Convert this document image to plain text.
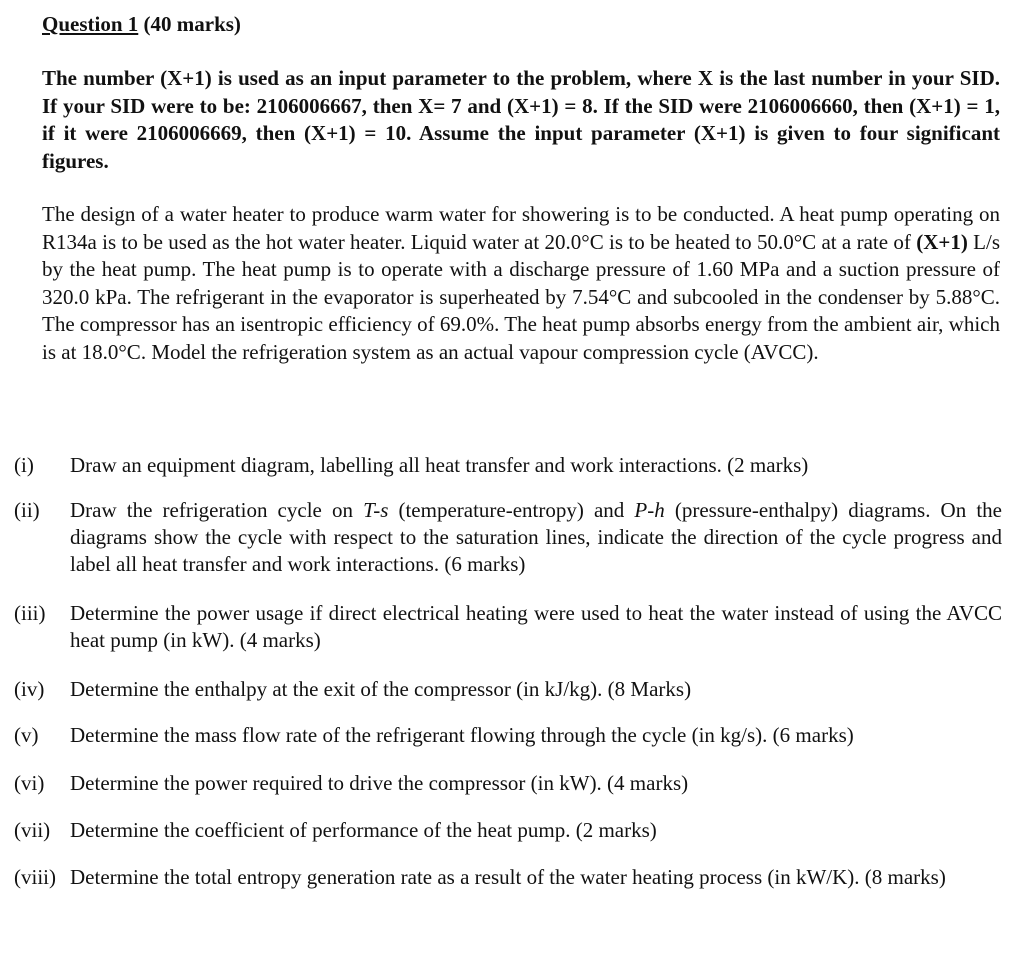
Question 1 (40 marks)
The number (X+1) is used as an input parameter to the problem, where X is the last number in your SID. If your SID were to be: 2106006667, then X= 7 and (X+1) = 8. If the SID were 2106006660, then (X+1) = 1, if it were 2106006669, then (X+1) = 10. Assume the input parameter (X+1) is given to four significant figures.
The design of a water heater to produce warm water for showering is to be conducted. A heat pump operating on R134a is to be used as the hot water heater. Liquid water at 20.0°C is to be heated to 50.0°C at a rate of (X+1) L/s by the heat pump. The heat pump is to operate with a discharge pressure of 1.60 MPa and a suction pressure of 320.0 kPa. The refrigerant in the evaporator is superheated by 7.54°C and subcooled in the condenser by 5.88°C. The compressor has an isentropic efficiency of 69.0%. The heat pump absorbs energy from the ambient air, which is at 18.0°C. Model the refrigeration system as an actual vapour compression cycle (AVCC).
(i) Draw an equipment diagram, labelling all heat transfer and work interactions. (2 marks)
(ii) Draw the refrigeration cycle on T-s (temperature-entropy) and P-h (pressure-enthalpy) diagrams. On the diagrams show the cycle with respect to the saturation lines, indicate the direction of the cycle progress and label all heat transfer and work interactions. (6 marks)
(iii) Determine the power usage if direct electrical heating were used to heat the water instead of using the AVCC heat pump (in kW). (4 marks)
(iv) Determine the enthalpy at the exit of the compressor (in kJ/kg). (8 Marks)
(v) Determine the mass flow rate of the refrigerant flowing through the cycle (in kg/s). (6 marks)
(vi) Determine the power required to drive the compressor (in kW). (4 marks)
(vii) Determine the coefficient of performance of the heat pump. (2 marks)
(viii) Determine the total entropy generation rate as a result of the water heating process (in kW/K). (8 marks)
